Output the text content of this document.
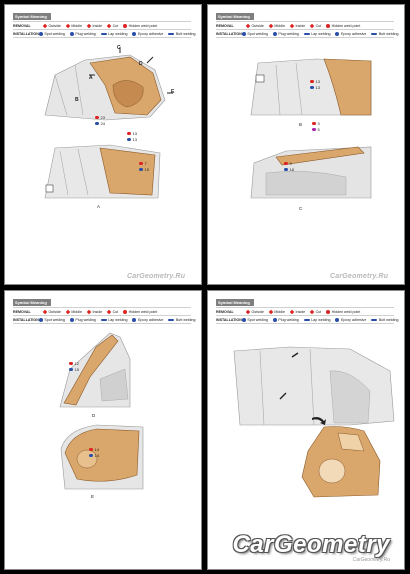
Symbol Meaning
REMOVAL	Outside	Middle	Inside	Cut	Hidden weld point
INSTALLATION Spot welding	Plug welding	Lap welding	Epoxy adhesive	Butt welding
C
D
E
A
B
23
24
13
13
7
15
A
CarGeometry.Ru
Symbol Meaning
REMOVAL	Outside	Middle	Inside	Cut	Hidden weld point
INSTALLATION Spot welding	Plug welding	Lap welding	Epoxy adhesive	Butt welding
13
13
3
5
B
9
18
C
CarGeometry.Ru
Symbol Meaning
REMOVAL	Outside	Middle	Inside	Cut	Hidden weld point
INSTALLATION Spot welding	Plug welding	Lap welding	Epoxy adhesive	Butt welding
12
15
D
14
14
E
Symbol Meaning
REMOVAL	Outside	Middle	Inside	Cut	Hidden weld point
INSTALLATION Spot welding	Plug welding	Lap welding	Epoxy adhesive	Butt welding
CarGeometry
CarGeometry.Ru
